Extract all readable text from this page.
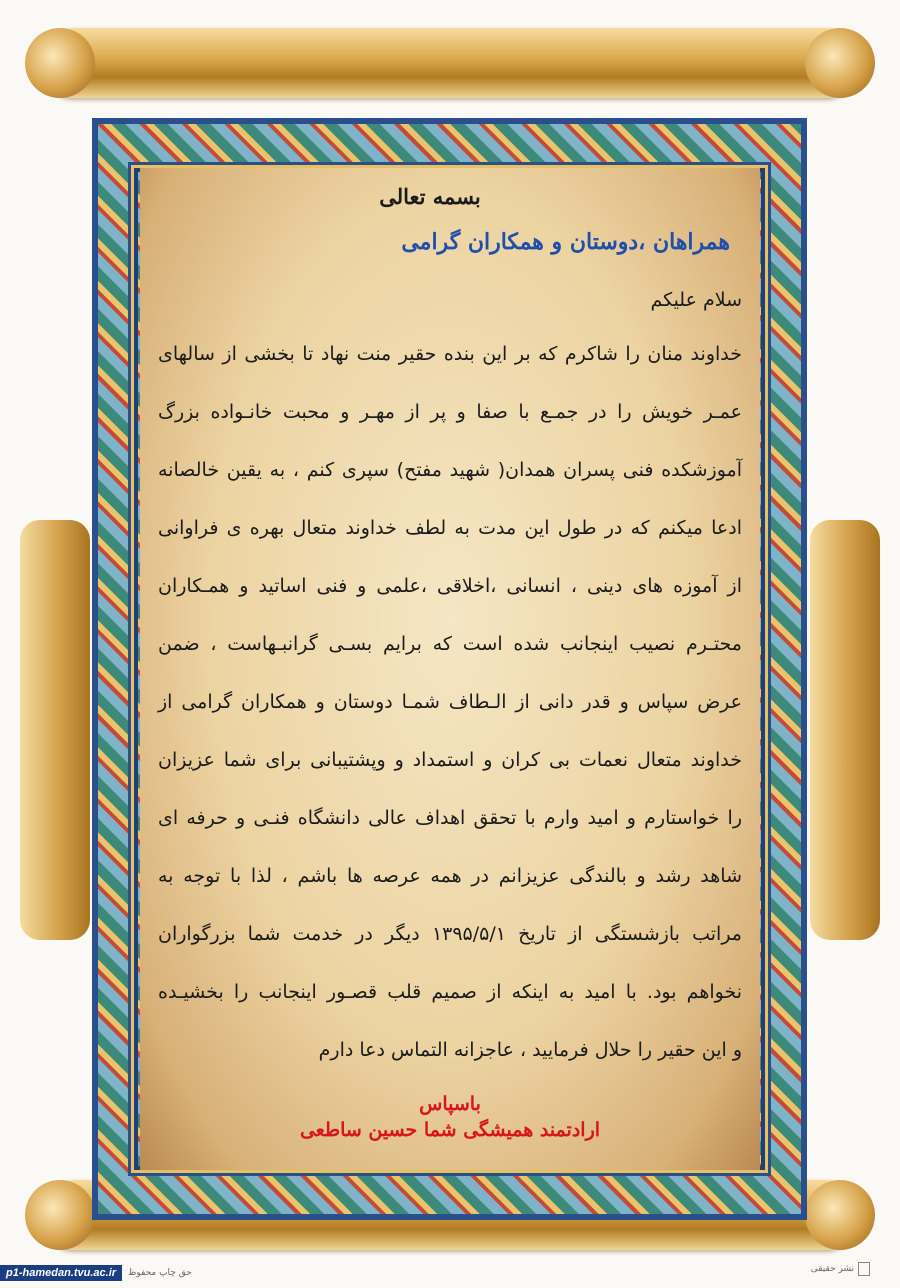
بسمه تعالی
همراهان ،دوستان و همکاران گرامی
سلام علیکم
خداوند منان را شاکرم که بر این بنده حقیر منت نهاد تا بخشی از سالهای
عمـر خویش را در جمـع با صفا و پر از مهـر و محبت خانـواده بزرگ
آموزشکده فنی پسران همدان( شهید مفتح) سپری کنم ، به یقین خالصانه
ادعا میکنم که در طول این مدت به لطف خداوند متعال بهره ی فراوانی
از آموزه های دینی ، انسانی ،اخلاقی ،علمی و فنی اساتید و همـکاران
محتـرم نصیب اینجانب شده است که برایم بسـی گرانبـهاست ، ضمن
عرض سپاس و قدر دانی از الـطاف شمـا دوستان و همکاران گرامی از
خداوند متعال نعمات بی کران و استمداد و وپشتیبانی برای شما عزیزان
را خواستارم و امید وارم با تحقق اهداف عالی دانشگاه فنـی و حرفه ای
شاهد رشد و بالندگی عزیزانم در همه عرصه ها باشم ، لذا با توجه به
مراتب بازشستگی از تاریخ ۱۳۹۵/۵/۱ دیگر در خدمت شما بزرگواران
نخواهم بود. با امید به اینکه از صمیم قلب قصـور اینجانب را بخشیـده
و این حقیر را حلال فرمایید ، عاجزانه التماس دعا دارم
باسپاس
ارادتمند همیشگی شما حسین ساطعی
p1-hamedan.tvu.ac.ir	حق چاپ محفوظ	نشر حقیقی
